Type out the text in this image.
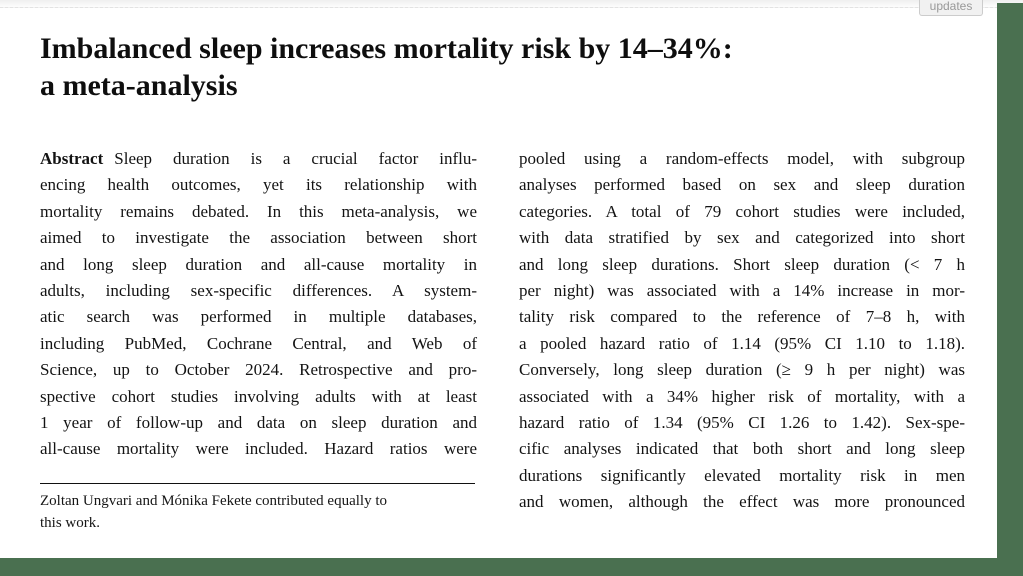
updates
Imbalanced sleep increases mortality risk by 14–34%:
a meta-analysis
Abstract Sleep duration is a crucial factor influ-
encing health outcomes, yet its relationship with
mortality remains debated. In this meta-analysis, we
aimed to investigate the association between short
and long sleep duration and all-cause mortality in
adults, including sex-specific differences. A system-
atic search was performed in multiple databases,
including PubMed, Cochrane Central, and Web of
Science, up to October 2024. Retrospective and pro-
spective cohort studies involving adults with at least
1 year of follow-up and data on sleep duration and
all-cause mortality were included. Hazard ratios were
Zoltan Ungvari and Mónika Fekete contributed equally to
this work.
pooled using a random-effects model, with subgroup
analyses performed based on sex and sleep duration
categories. A total of 79 cohort studies were included,
with data stratified by sex and categorized into short
and long sleep durations. Short sleep duration (< 7 h
per night) was associated with a 14% increase in mor-
tality risk compared to the reference of 7–8 h, with
a pooled hazard ratio of 1.14 (95% CI 1.10 to 1.18).
Conversely, long sleep duration (≥ 9 h per night) was
associated with a 34% higher risk of mortality, with a
hazard ratio of 1.34 (95% CI 1.26 to 1.42). Sex-spe-
cific analyses indicated that both short and long sleep
durations significantly elevated mortality risk in men
and women, although the effect was more pronounced
